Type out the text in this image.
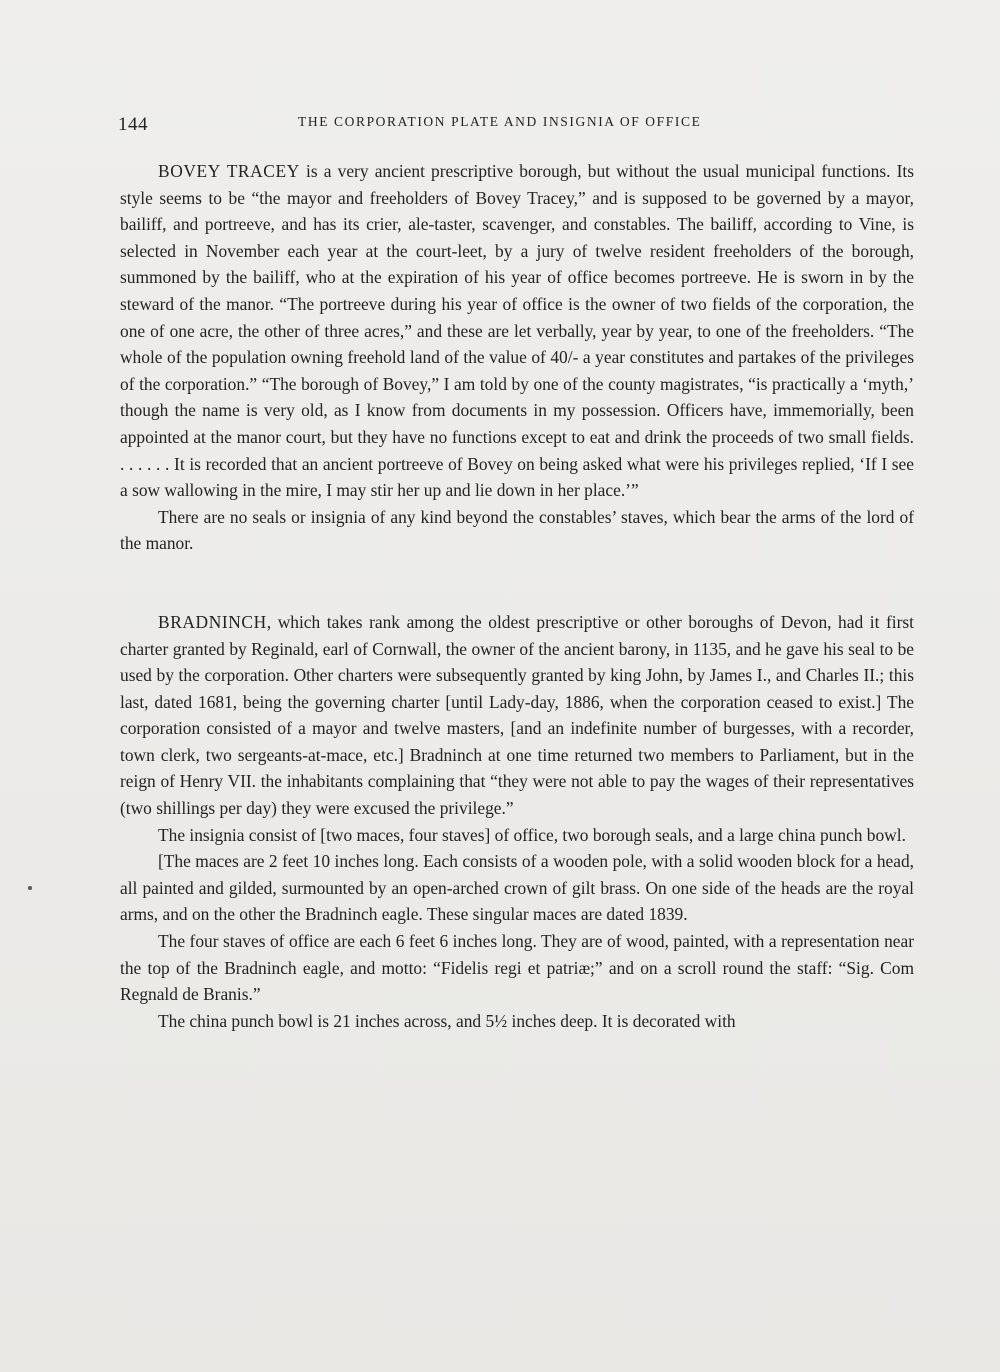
144	THE CORPORATION PLATE AND INSIGNIA OF OFFICE

BOVEY TRACEY is a very ancient prescriptive borough, but without the usual municipal functions. Its style seems to be “the mayor and freeholders of Bovey Tracey,” and is supposed to be governed by a mayor, bailiff, and portreeve, and has its crier, ale-taster, scavenger, and constables. The bailiff, according to Vine, is selected in November each year at the court-leet, by a jury of twelve resident freeholders of the borough, summoned by the bailiff, who at the expiration of his year of office becomes portreeve. He is sworn in by the steward of the manor. “The portreeve during his year of office is the owner of two fields of the corporation, the one of one acre, the other of three acres,” and these are let verbally, year by year, to one of the freeholders. “The whole of the population owning freehold land of the value of 40/- a year constitutes and partakes of the privileges of the corporation.” “The borough of Bovey,” I am told by one of the county magistrates, “is practically a ‘myth,’ though the name is very old, as I know from documents in my possession. Officers have, immemorially, been appointed at the manor court, but they have no functions except to eat and drink the proceeds of two small fields. . . . . . . It is recorded that an ancient portreeve of Bovey on being asked what were his privileges replied, ‘If I see a sow wallowing in the mire, I may stir her up and lie down in her place.’”

There are no seals or insignia of any kind beyond the constables’ staves, which bear the arms of the lord of the manor.

BRADNINCH, which takes rank among the oldest prescriptive or other boroughs of Devon, had it first charter granted by Reginald, earl of Cornwall, the owner of the ancient barony, in 1135, and he gave his seal to be used by the corporation. Other charters were subsequently granted by king John, by James I., and Charles II.; this last, dated 1681, being the governing charter [until Lady-day, 1886, when the corporation ceased to exist.] The corporation consisted of a mayor and twelve masters, [and an indefinite number of burgesses, with a recorder, town clerk, two sergeants-at-mace, etc.] Bradninch at one time returned two members to Parliament, but in the reign of Henry VII. the inhabitants complaining that “they were not able to pay the wages of their representatives (two shillings per day) they were excused the privilege.”

The insignia consist of [two maces, four staves] of office, two borough seals, and a large china punch bowl.

[The maces are 2 feet 10 inches long. Each consists of a wooden pole, with a solid wooden block for a head, all painted and gilded, surmounted by an open-arched crown of gilt brass. On one side of the heads are the royal arms, and on the other the Bradninch eagle. These singular maces are dated 1839.

The four staves of office are each 6 feet 6 inches long. They are of wood, painted, with a representation near the top of the Bradninch eagle, and motto: “Fidelis regi et patriæ;” and on a scroll round the staff: “Sig. Com Regnald de Branis.”

The china punch bowl is 21 inches across, and 5½ inches deep. It is decorated with
